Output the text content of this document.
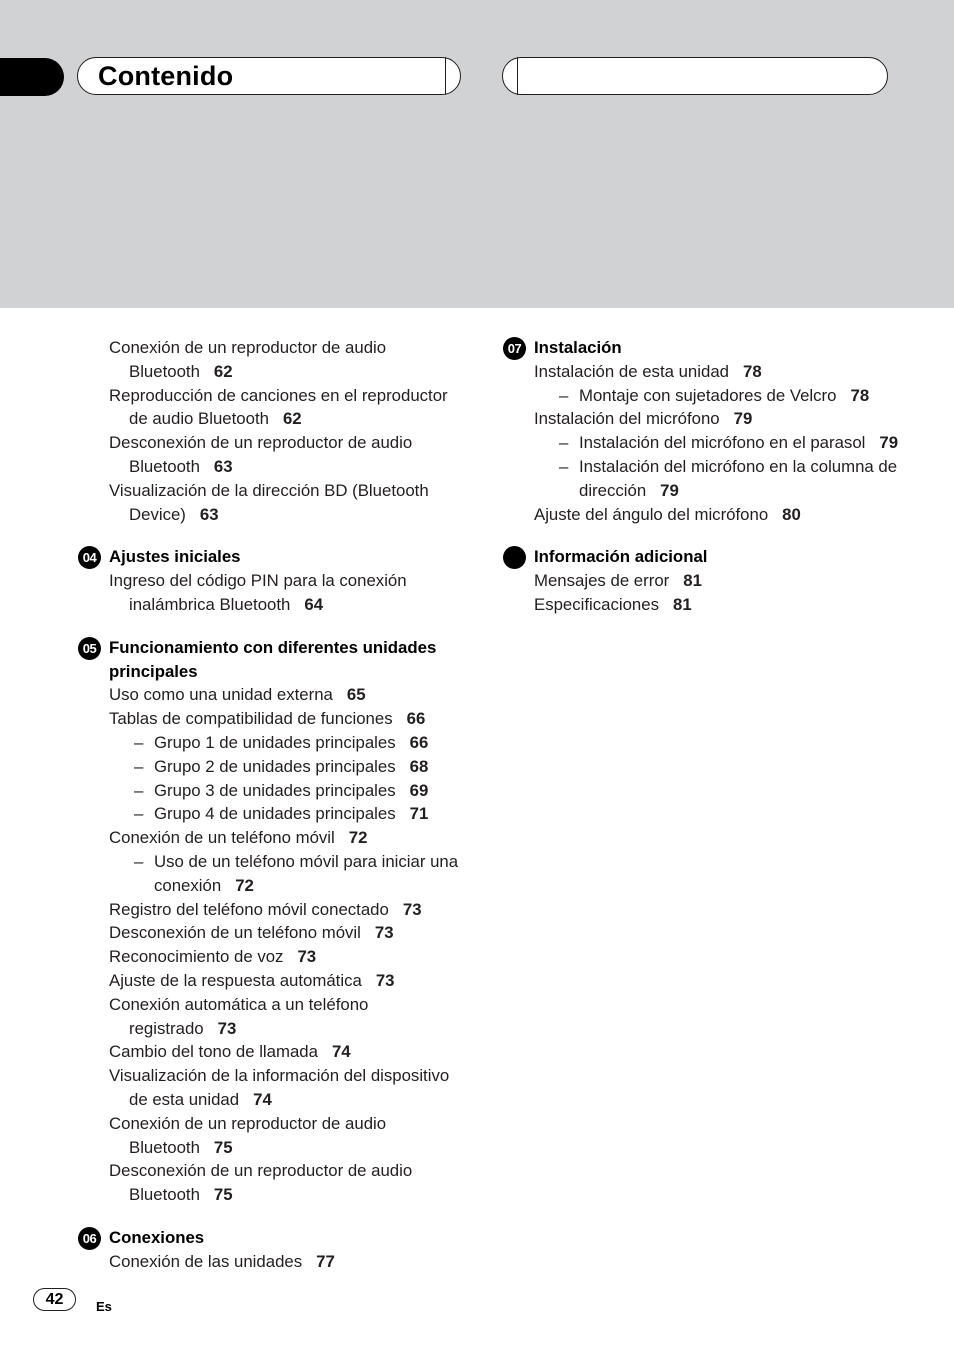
Contenido
Conexión de un reproductor de audio Bluetooth 62
Reproducción de canciones en el reproductor de audio Bluetooth 62
Desconexión de un reproductor de audio Bluetooth 63
Visualización de la dirección BD (Bluetooth Device) 63
04 Ajustes iniciales
Ingreso del código PIN para la conexión inalámbrica Bluetooth 64
05 Funcionamiento con diferentes unidades principales
Uso como una unidad externa 65
Tablas de compatibilidad de funciones 66
– Grupo 1 de unidades principales 66
– Grupo 2 de unidades principales 68
– Grupo 3 de unidades principales 69
– Grupo 4 de unidades principales 71
Conexión de un teléfono móvil 72
– Uso de un teléfono móvil para iniciar una conexión 72
Registro del teléfono móvil conectado 73
Desconexión de un teléfono móvil 73
Reconocimiento de voz 73
Ajuste de la respuesta automática 73
Conexión automática a un teléfono registrado 73
Cambio del tono de llamada 74
Visualización de la información del dispositivo de esta unidad 74
Conexión de un reproductor de audio Bluetooth 75
Desconexión de un reproductor de audio Bluetooth 75
06 Conexiones
Conexión de las unidades 77
07 Instalación
Instalación de esta unidad 78
– Montaje con sujetadores de Velcro 78
Instalación del micrófono 79
– Instalación del micrófono en el parasol 79
– Instalación del micrófono en la columna de dirección 79
Ajuste del ángulo del micrófono 80
Información adicional
Mensajes de error 81
Especificaciones 81
42	Es
